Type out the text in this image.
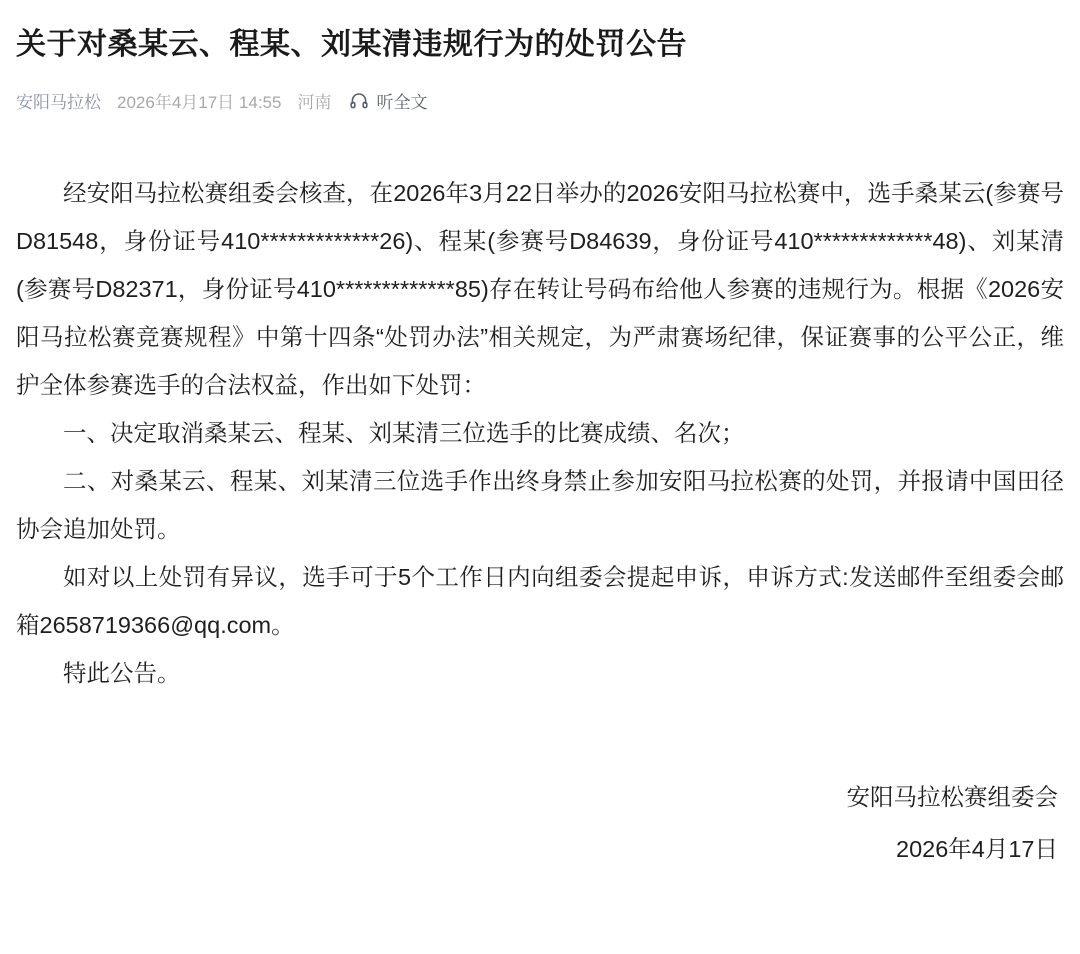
关于对桑某云、程某、刘某清违规行为的处罚公告
安阳马拉松 2026年4月17日 14:55 河南	听全文

经安阳马拉松赛组委会核查，在2026年3月22日举办的2026安阳马拉松赛中，选手桑某云(参赛号D81548，身份证号410*************26)、程某(参赛号D84639，身份证号410*************48)、刘某清(参赛号D82371，身份证号410*************85)存在转让号码布给他人参赛的违规行为。根据《2026安阳马拉松赛竞赛规程》中第十四条“处罚办法”相关规定，为严肃赛场纪律，保证赛事的公平公正，维护全体参赛选手的合法权益，作出如下处罚：

一、决定取消桑某云、程某、刘某清三位选手的比赛成绩、名次；

二、对桑某云、程某、刘某清三位选手作出终身禁止参加安阳马拉松赛的处罚，并报请中国田径协会追加处罚。

如对以上处罚有异议，选手可于5个工作日内向组委会提起申诉，申诉方式:发送邮件至组委会邮箱2658719366@qq.com。

特此公告。

安阳马拉松赛组委会
2026年4月17日
